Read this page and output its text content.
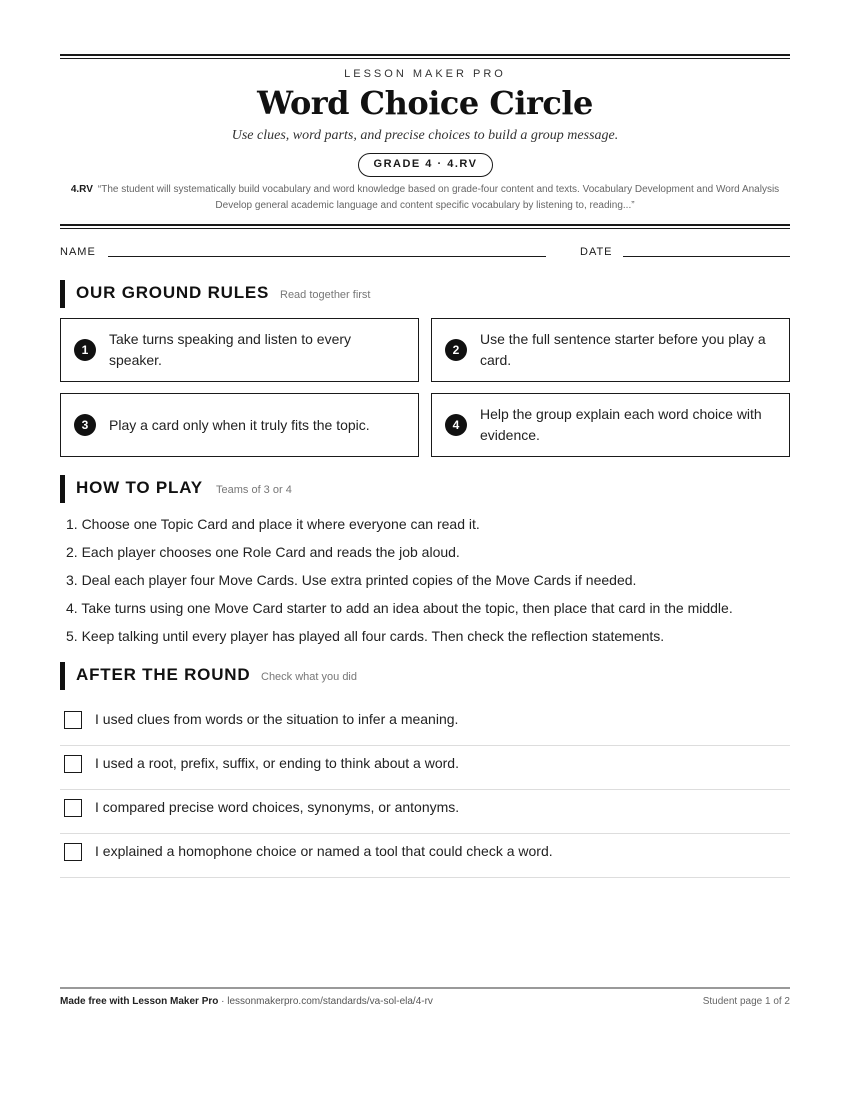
LESSON MAKER PRO
Word Choice Circle
Use clues, word parts, and precise choices to build a group message.
GRADE 4 · 4.RV
4.RV “The student will systematically build vocabulary and word knowledge based on grade-four content and texts. Vocabulary Development and Word Analysis Develop general academic language and content specific vocabulary by listening to, reading...”
NAME	DATE
OUR GROUND RULES Read together first
1
Take turns speaking and listen to every speaker.
2
Use the full sentence starter before you play a card.
3	Play a card only when it truly fits the topic.	4
Help the group explain each word choice with evidence.
HOW TO PLAY Teams of 3 or 4
1. Choose one Topic Card and place it where everyone can read it.
2. Each player chooses one Role Card and reads the job aloud.
3. Deal each player four Move Cards. Use extra printed copies of the Move Cards if needed.
4. Take turns using one Move Card starter to add an idea about the topic, then place that card in the middle.
5. Keep talking until every player has played all four cards. Then check the reflection statements.
AFTER THE ROUND Check what you did
I used clues from words or the situation to infer a meaning.
I used a root, prefix, suffix, or ending to think about a word.
I compared precise word choices, synonyms, or antonyms.
I explained a homophone choice or named a tool that could check a word.
Made free with Lesson Maker Pro · lessonmakerpro.com/standards/va-sol-ela/4-rv	Student page 1 of 2
